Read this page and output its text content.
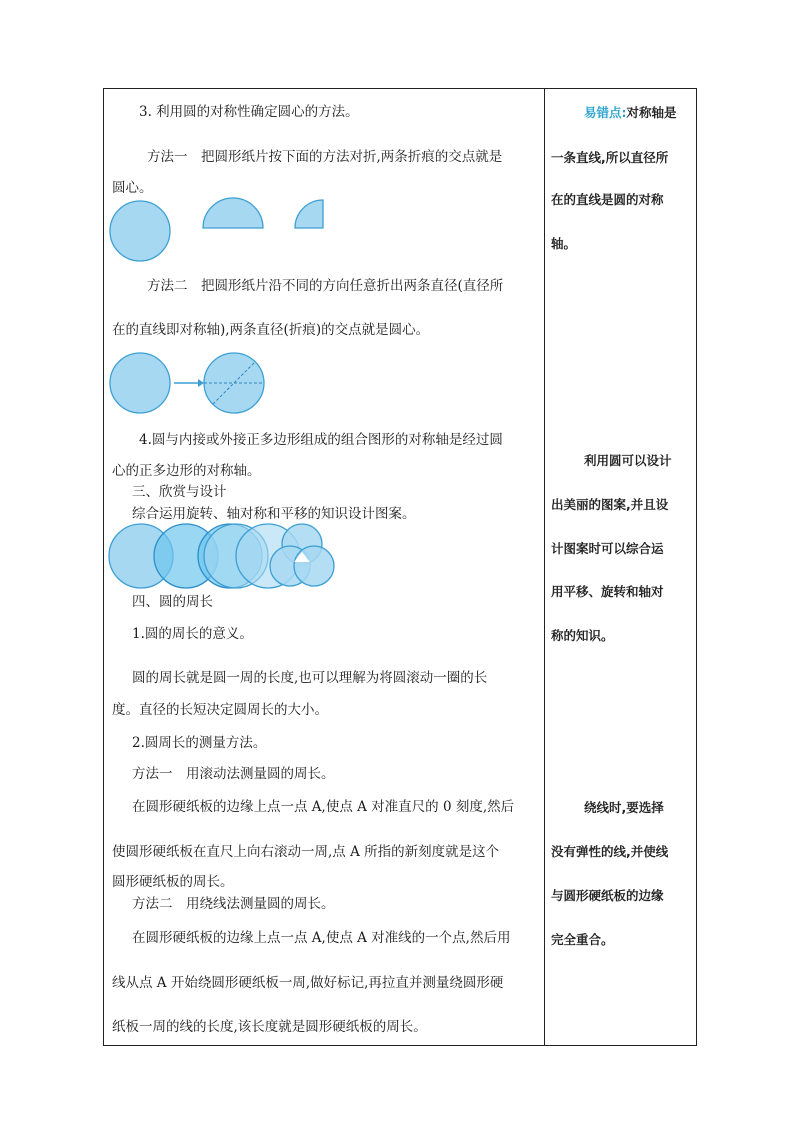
3. 利用圆的对称性确定圆心的方法。
方法一　把圆形纸片按下面的方法对折,两条折痕的交点就是
圆心。
方法二　把圆形纸片沿不同的方向任意折出两条直径(直径所
在的直线即对称轴),两条直径(折痕)的交点就是圆心。
4.圆与内接或外接正多边形组成的组合图形的对称轴是经过圆
心的正多边形的对称轴。
三、欣赏与设计
综合运用旋转、轴对称和平移的知识设计图案。
四、圆的周长
1.圆的周长的意义。
圆的周长就是圆一周的长度,也可以理解为将圆滚动一圈的长
度。直径的长短决定圆周长的大小。
2.圆周长的测量方法。
方法一　用滚动法测量圆的周长。
在圆形硬纸板的边缘上点一点 A,使点 A 对准直尺的 0 刻度,然后
使圆形硬纸板在直尺上向右滚动一周,点 A 所指的新刻度就是这个
圆形硬纸板的周长。
方法二　用绕线法测量圆的周长。
在圆形硬纸板的边缘上点一点 A,使点 A 对准线的一个点,然后用
线从点 A 开始绕圆形硬纸板一周,做好标记,再拉直并测量绕圆形硬
纸板一周的线的长度,该长度就是圆形硬纸板的周长。
易错点:对称轴是
一条直线,所以直径所
在的直线是圆的对称
轴。
利用圆可以设计
出美丽的图案,并且设
计图案时可以综合运
用平移、旋转和轴对
称的知识。
绕线时,要选择
没有弹性的线,并使线
与圆形硬纸板的边缘
完全重合。
